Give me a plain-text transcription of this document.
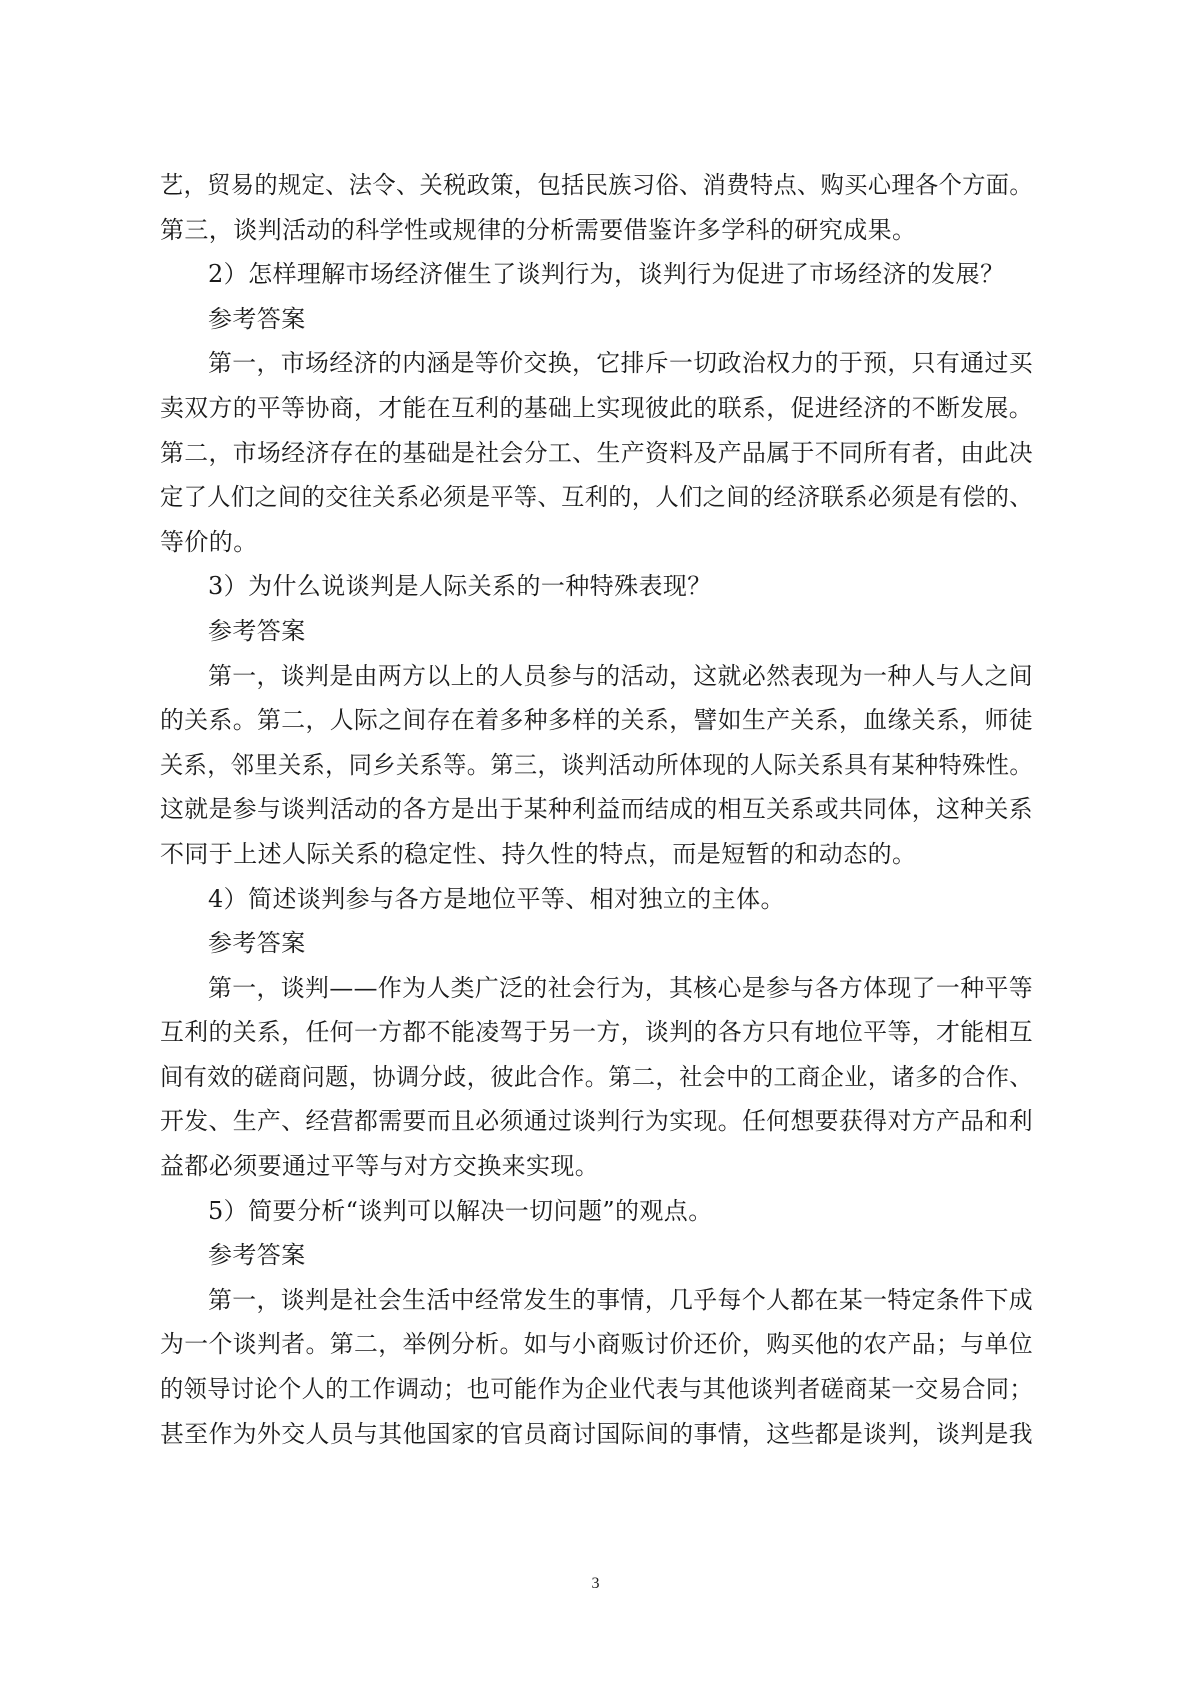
艺，贸易的规定、法令、关税政策，包括民族习俗、消费特点、购买心理各个方面。
第三，谈判活动的科学性或规律的分析需要借鉴许多学科的研究成果。
2）怎样理解市场经济催生了谈判行为，谈判行为促进了市场经济的发展？
参考答案
第一，市场经济的内涵是等价交换，它排斥一切政治权力的于预，只有通过买
卖双方的平等协商，才能在互利的基础上实现彼此的联系，促进经济的不断发展。
第二，市场经济存在的基础是社会分工、生产资料及产品属于不同所有者，由此决
定了人们之间的交往关系必须是平等、互利的，人们之间的经济联系必须是有偿的、
等价的。
3）为什么说谈判是人际关系的一种特殊表现？
参考答案
第一，谈判是由两方以上的人员参与的活动，这就必然表现为一种人与人之间
的关系。第二，人际之间存在着多种多样的关系，譬如生产关系，血缘关系，师徒
关系，邻里关系，同乡关系等。第三，谈判活动所体现的人际关系具有某种特殊性。
这就是参与谈判活动的各方是出于某种利益而结成的相互关系或共同体，这种关系
不同于上述人际关系的稳定性、持久性的特点，而是短暂的和动态的。
4）简述谈判参与各方是地位平等、相对独立的主体。
参考答案
第一，谈判——作为人类广泛的社会行为，其核心是参与各方体现了一种平等
互利的关系，任何一方都不能凌驾于另一方，谈判的各方只有地位平等，才能相互
间有效的磋商问题，协调分歧，彼此合作。第二，社会中的工商企业，诸多的合作、
开发、生产、经营都需要而且必须通过谈判行为实现。任何想要获得对方产品和利
益都必须要通过平等与对方交换来实现。
5）简要分析“谈判可以解决一切问题”的观点。
参考答案
第一，谈判是社会生活中经常发生的事情，几乎每个人都在某一特定条件下成
为一个谈判者。第二，举例分析。如与小商贩讨价还价，购买他的农产品；与单位
的领导讨论个人的工作调动；也可能作为企业代表与其他谈判者磋商某一交易合同；
甚至作为外交人员与其他国家的官员商讨国际间的事情，这些都是谈判，谈判是我
3
